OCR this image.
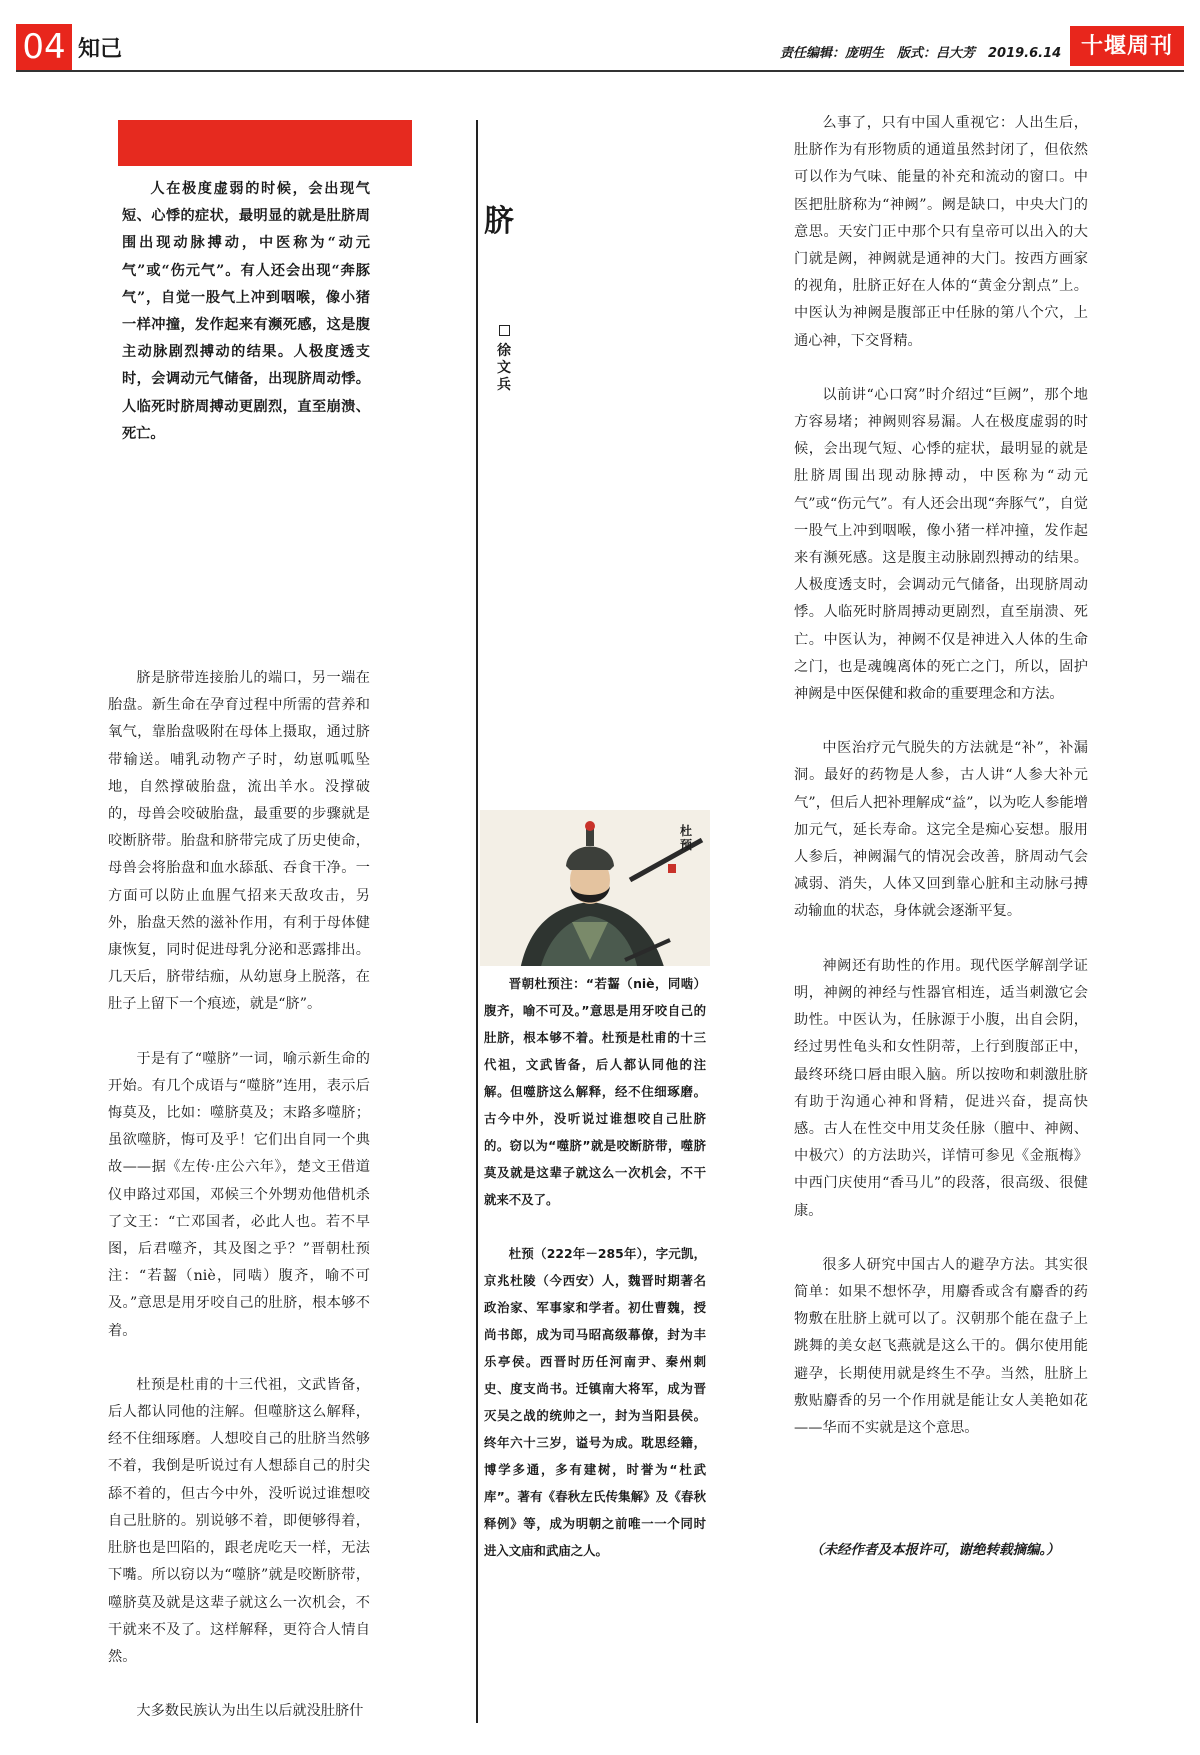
04 知己	责任编辑：庞明生　版式：吕大芳　2019.6.14 十堰周刊

人在极度虚弱的时候，会出现气短、心悸的症状，最明显的就是肚脐周围出现动脉搏动，中医称为“动元气”或“伤元气”。有人还会出现“奔豚气”，自觉一股气上冲到咽喉，像小猪一样冲撞，发作起来有濒死感，这是腹主动脉剧烈搏动的结果。人极度透支时，会调动元气储备，出现脐周动悸。人临死时脐周搏动更剧烈，直至崩溃、死亡。

脐是脐带连接胎儿的端口，另一端在胎盘。新生命在孕育过程中所需的营养和氧气，靠胎盘吸附在母体上摄取，通过脐带输送。哺乳动物产子时，幼崽呱呱坠地，自然撑破胎盘，流出羊水。没撑破的，母兽会咬破胎盘，最重要的步骤就是咬断脐带。胎盘和脐带完成了历史使命，母兽会将胎盘和血水舔舐、吞食干净。一方面可以防止血腥气招来天敌攻击，另外，胎盘天然的滋补作用，有利于母体健康恢复，同时促进母乳分泌和恶露排出。几天后，脐带结痂，从幼崽身上脱落，在肚子上留下一个痕迹，就是“脐”。

于是有了“噬脐”一词，喻示新生命的开始。有几个成语与“噬脐”连用，表示后悔莫及，比如：噬脐莫及；末路多噬脐；虽欲噬脐，悔可及乎！它们出自同一个典故——据《左传·庄公六年》，楚文王借道仪申路过邓国，邓候三个外甥劝他借机杀了文王：“亡邓国者，必此人也。若不早图，后君噬齐，其及图之乎？”晋朝杜预注：“若齧（niè，同啮）腹齐，喻不可及。”意思是用牙咬自己的肚脐，根本够不着。

杜预是杜甫的十三代祖，文武皆备，后人都认同他的注解。但噬脐这么解释，经不住细琢磨。人想咬自己的肚脐当然够不着，我倒是听说过有人想舔自己的肘尖舔不着的，但古今中外，没听说过谁想咬自己肚脐的。别说够不着，即便够得着，肚脐也是凹陷的，跟老虎吃天一样，无法下嘴。所以窃以为“噬脐”就是咬断脐带，噬脐莫及就是这辈子就这么一次机会，不干就来不及了。这样解释，更符合人情自然。

大多数民族认为出生以后就没肚脐什

脐
徐文兵
杜预

晋朝杜预注：“若齧（niè，同啮）腹齐，喻不可及。”意思是用牙咬自己的肚脐，根本够不着。杜预是杜甫的十三代祖，文武皆备，后人都认同他的注解。但噬脐这么解释，经不住细琢磨。古今中外，没听说过谁想咬自己肚脐的。窃以为“噬脐”就是咬断脐带，噬脐莫及就是这辈子就这么一次机会，不干就来不及了。

杜预（222年－285年），字元凯，京兆杜陵（今西安）人，魏晋时期著名政治家、军事家和学者。初仕曹魏，授尚书郎，成为司马昭高级幕僚，封为丰乐亭侯。西晋时历任河南尹、秦州刺史、度支尚书。迁镇南大将军，成为晋灭吴之战的统帅之一，封为当阳县侯。终年六十三岁，谥号为成。耽思经籍，博学多通，多有建树，时誉为“杜武库”。著有《春秋左氏传集解》及《春秋释例》等，成为明朝之前唯一一个同时进入文庙和武庙之人。

么事了，只有中国人重视它：人出生后，肚脐作为有形物质的通道虽然封闭了，但依然可以作为气味、能量的补充和流动的窗口。中医把肚脐称为“神阙”。阙是缺口，中央大门的意思。天安门正中那个只有皇帝可以出入的大门就是阙，神阙就是通神的大门。按西方画家的视角，肚脐正好在人体的“黄金分割点”上。中医认为神阙是腹部正中任脉的第八个穴，上通心神，下交肾精。

以前讲“心口窝”时介绍过“巨阙”，那个地方容易堵；神阙则容易漏。人在极度虚弱的时候，会出现气短、心悸的症状，最明显的就是肚脐周围出现动脉搏动，中医称为“动元气”或“伤元气”。有人还会出现“奔豚气”，自觉一股气上冲到咽喉，像小猪一样冲撞，发作起来有濒死感。这是腹主动脉剧烈搏动的结果。人极度透支时，会调动元气储备，出现脐周动悸。人临死时脐周搏动更剧烈，直至崩溃、死亡。中医认为，神阙不仅是神进入人体的生命之门，也是魂魄离体的死亡之门，所以，固护神阙是中医保健和救命的重要理念和方法。

中医治疗元气脱失的方法就是“补”，补漏洞。最好的药物是人参，古人讲“人参大补元气”，但后人把补理解成“益”，以为吃人参能增加元气，延长寿命。这完全是痴心妄想。服用人参后，神阙漏气的情况会改善，脐周动气会减弱、消失，人体又回到靠心脏和主动脉弓搏动输血的状态，身体就会逐渐平复。

神阙还有助性的作用。现代医学解剖学证明，神阙的神经与性器官相连，适当刺激它会助性。中医认为，任脉源于小腹，出自会阴，经过男性龟头和女性阴蒂，上行到腹部正中，最终环绕口唇由眼入脑。所以按吻和刺激肚脐有助于沟通心神和肾精，促进兴奋，提高快感。古人在性交中用艾灸任脉（膻中、神阙、中极穴）的方法助兴，详情可参见《金瓶梅》中西门庆使用“香马儿”的段落，很高级、很健康。

很多人研究中国古人的避孕方法。其实很简单：如果不想怀孕，用麝香或含有麝香的药物敷在肚脐上就可以了。汉朝那个能在盘子上跳舞的美女赵飞燕就是这么干的。偶尔使用能避孕，长期使用就是终生不孕。当然，肚脐上敷贴麝香的另一个作用就是能让女人美艳如花——华而不实就是这个意思。

（未经作者及本报许可，谢绝转载摘编。）
